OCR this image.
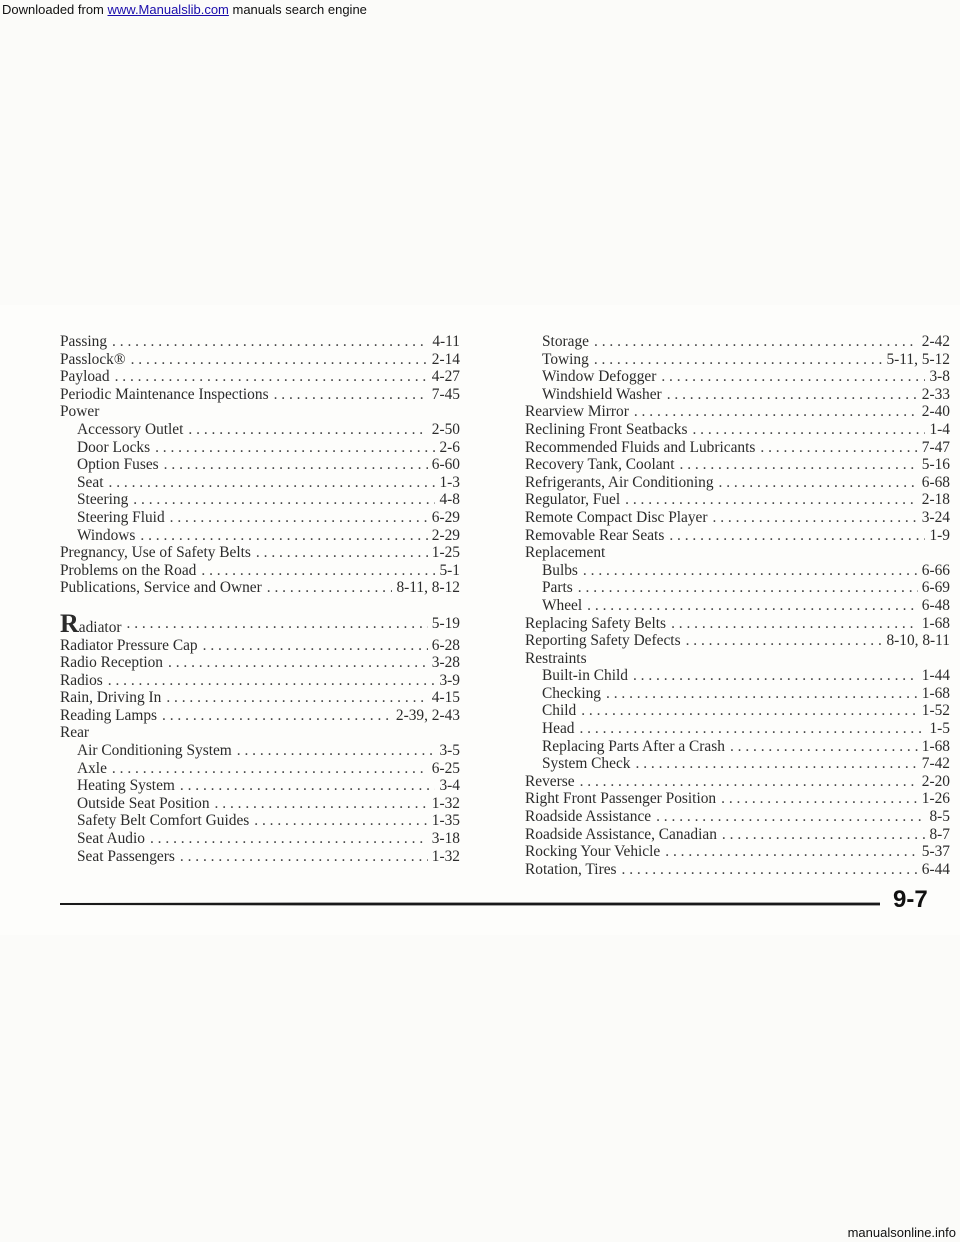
Downloaded from www.Manualslib.com manuals search engine
Passing . . .	4-11
Passlock® . . .	2-14
Payload . . .	4-27
Periodic Maintenance Inspections . . .	7-45
Power
Accessory Outlet . . .	2-50
Door Locks . . .	2-6
Option Fuses . . .	6-60
Seat . . .	1-3
Steering . . .	4-8
Steering Fluid . . .	6-29
Windows . . .	2-29
Pregnancy, Use of Safety Belts . . .	1-25
Problems on the Road . . .	5-1
Publications, Service and Owner . . .	8-11, 8-12
Radiator . . .	5-19
Radiator Pressure Cap . . .	6-28
Radio Reception . . .	3-28
Radios . . .	3-9
Rain, Driving In . . .	4-15
Reading Lamps . . .	2-39, 2-43
Rear
Air Conditioning System . . .	3-5
Axle . . .	6-25
Heating System . . .	3-4
Outside Seat Position . . .	1-32
Safety Belt Comfort Guides . . .	1-35
Seat Audio . . .	3-18
Seat Passengers . . .	1-32
Storage . . .	2-42
Towing . . .	5-11, 5-12
Window Defogger . . .	3-8
Windshield Washer . . .	2-33
Rearview Mirror . . .	2-40
Reclining Front Seatbacks . . .	1-4
Recommended Fluids and Lubricants . . .	7-47
Recovery Tank, Coolant . . .	5-16
Refrigerants, Air Conditioning . . .	6-68
Regulator, Fuel . . .	2-18
Remote Compact Disc Player . . .	3-24
Removable Rear Seats . . .	1-9
Replacement
Bulbs . . .	6-66
Parts . . .	6-69
Wheel . . .	6-48
Replacing Safety Belts . . .	1-68
Reporting Safety Defects . . .	8-10, 8-11
Restraints
Built-in Child . . .	1-44
Checking . . .	1-68
Child . . .	1-52
Head . . .	1-5
Replacing Parts After a Crash . . .	1-68
System Check . . .	7-42
Reverse . . .	2-20
Right Front Passenger Position . . .	1-26
Roadside Assistance . . .	8-5
Roadside Assistance, Canadian . . .	8-7
Rocking Your Vehicle . . .	5-37
Rotation, Tires . . .	6-44
9-7
manualsonline.info
